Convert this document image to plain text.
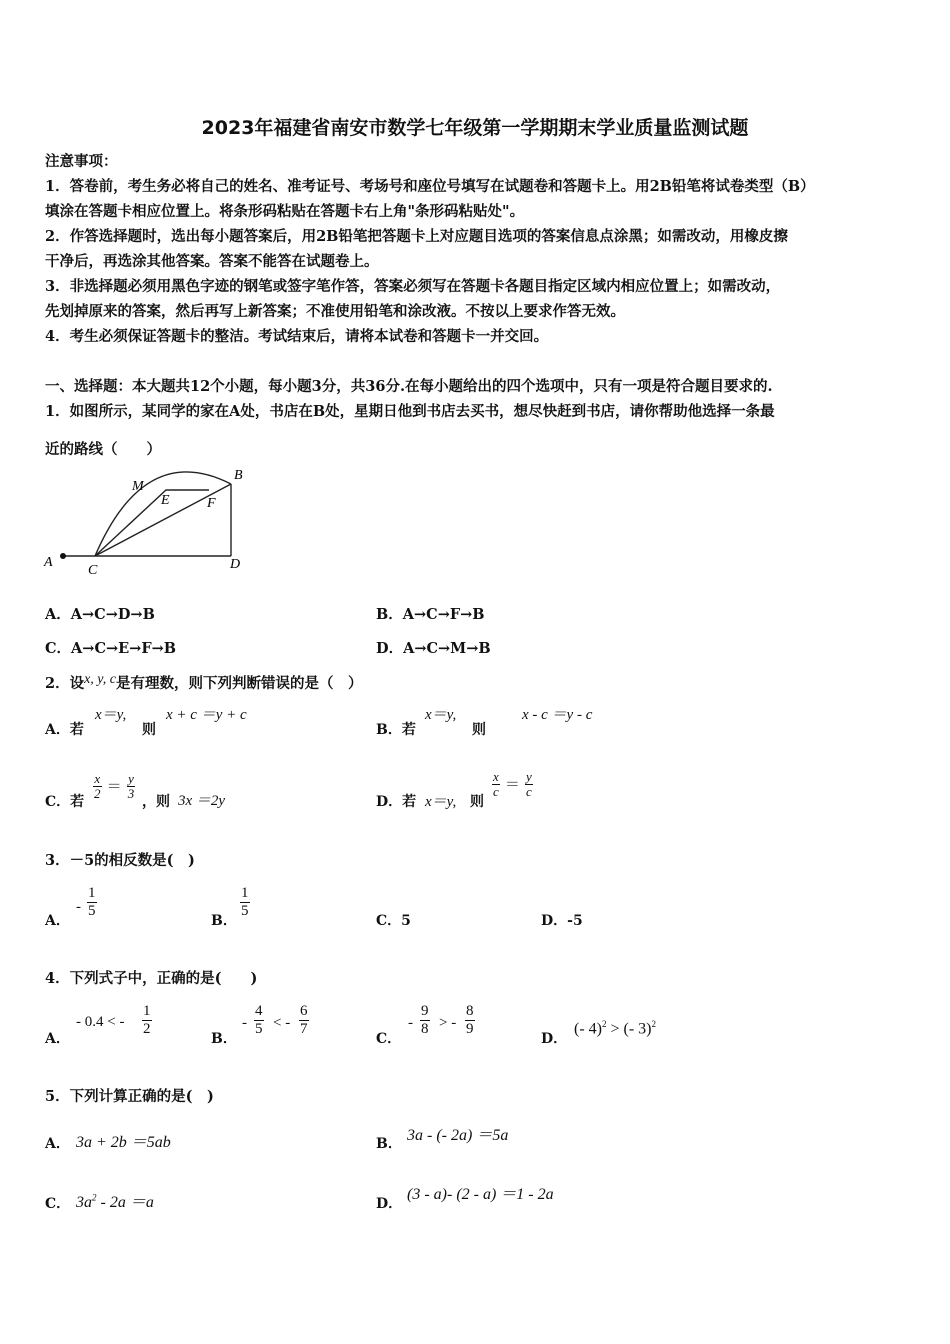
2023年福建省南安市数学七年级第一学期期末学业质量监测试题
注意事项：
1．答卷前，考生务必将自己的姓名、准考证号、考场号和座位号填写在试题卷和答题卡上。用2B铅笔将试卷类型（B）
填涂在答题卡相应位置上。将条形码粘贴在答题卡右上角"条形码粘贴处"。
2．作答选择题时，选出每小题答案后，用2B铅笔把答题卡上对应题目选项的答案信息点涂黑；如需改动，用橡皮擦
干净后，再选涂其他答案。答案不能答在试题卷上。
3．非选择题必须用黑色字迹的钢笔或签字笔作答，答案必须写在答题卡各题目指定区域内相应位置上；如需改动，
先划掉原来的答案，然后再写上新答案；不准使用铅笔和涂改液。不按以上要求作答无效。
4．考生必须保证答题卡的整洁。考试结束后，请将本试卷和答题卡一并交回。
一、选择题：本大题共12个小题，每小题3分，共36分.在每小题给出的四个选项中，只有一项是符合题目要求的.
1．如图所示，某同学的家在A处，书店在B处，星期日他到书店去买书，想尽快赶到书店，请你帮助他选择一条最
近的路线（　　）
A
C	D
B
M
E	F
A．A→C→D→B	B．A→C→F→B
C．A→C→E→F→B	D．A→C→M→B
2．设x, y, c是有理数，则下列判断错误的是（　）
A．若
x＝y,
则
x + c ＝y + c
B．若
x＝y,
则
x - c ＝y - c
C．若
$\frac{x}{2} = \frac{y}{3}$
，则 3x ＝2y	D．若 x＝y, 则
$\frac{x}{c} = \frac{y}{c}$
3．－5的相反数是(　)
A．
- $\frac{1}{5}$
B．
$\frac{1}{5}$
C．5	D．-5
4．下列式子中，正确的是(　　)
A．
- 0.4 < - $\frac{1}{2}$
B．
- $\frac{4}{5}$ < - $\frac{6}{7}$
C．
- $\frac{9}{8}$ > - $\frac{8}{9}$
D．
(- 4)$^2$ > (- 3)$^2$
5．下列计算正确的是(　)
A． 3a + 2b ＝5ab	B． 3a - (- 2a) ＝5a
C． $3a^2 - 2a =a$	D．
(3 - a)- (2 - a) ＝1 - 2a
